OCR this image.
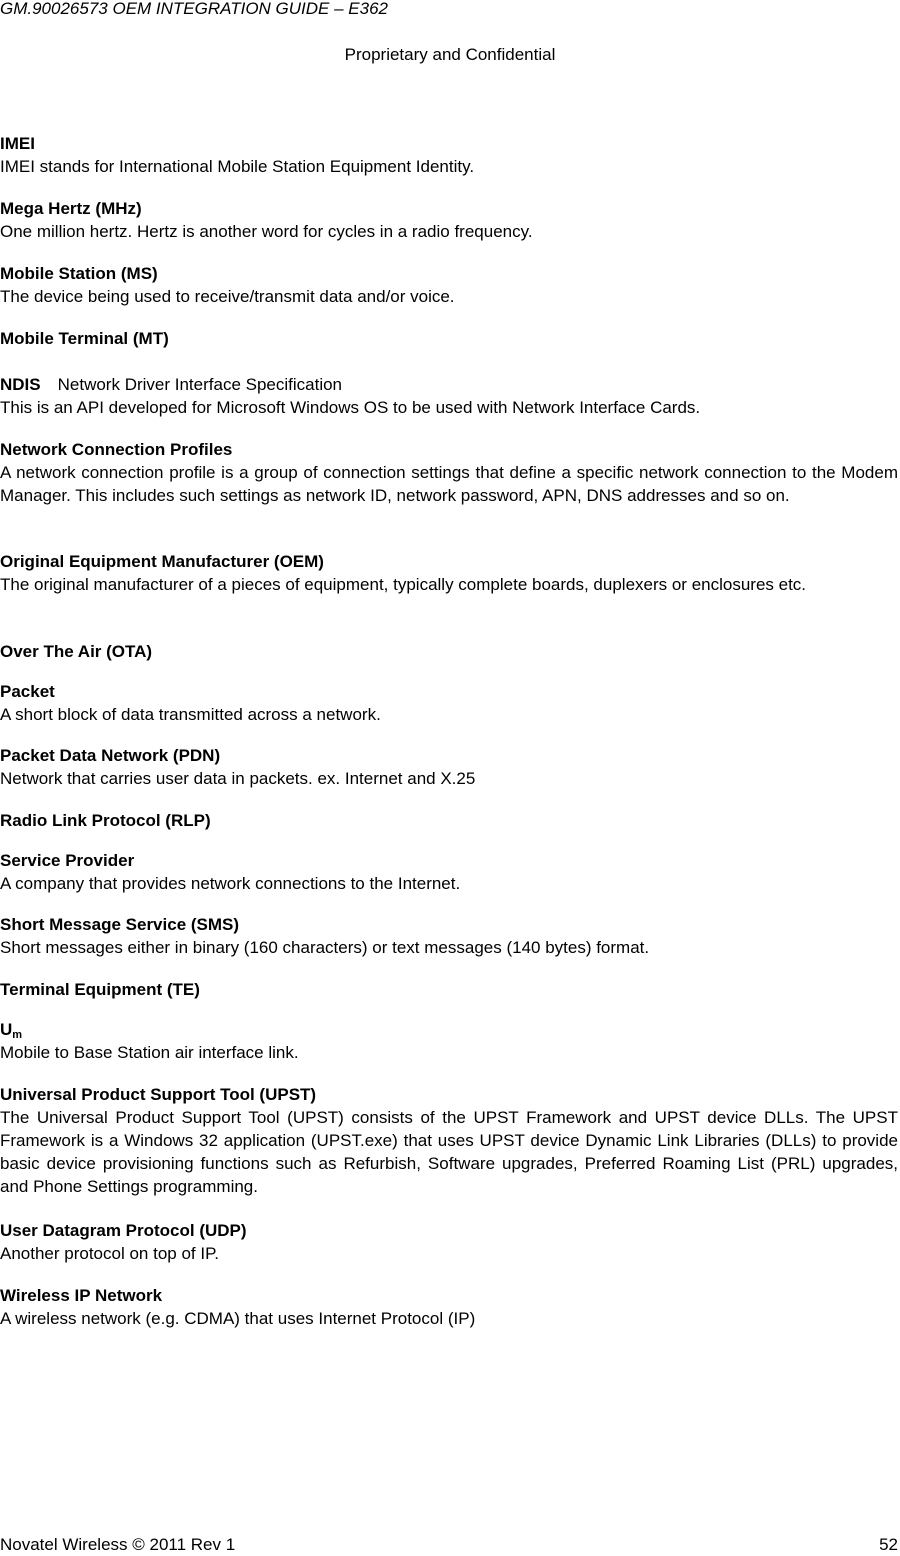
GM.90026573 OEM INTEGRATION GUIDE – E362
Proprietary and Confidential
IMEI
IMEI stands for International Mobile Station Equipment Identity.
Mega Hertz (MHz)
One million hertz. Hertz is another word for cycles in a radio frequency.
Mobile Station (MS)
The device being used to receive/transmit data and/or voice.
Mobile Terminal (MT)
NDIS Network Driver Interface Specification
This is an API developed for Microsoft Windows OS to be used with Network Interface Cards.
Network Connection Profiles
A network connection profile is a group of connection settings that define a specific network connection to the Modem Manager. This includes such settings as network ID, network password, APN, DNS addresses and so on.
Original Equipment Manufacturer (OEM)
The original manufacturer of a pieces of equipment, typically complete boards, duplexers or enclosures etc.
Over The Air (OTA)
Packet
A short block of data transmitted across a network.
Packet Data Network (PDN)
Network that carries user data in packets. ex. Internet and X.25
Radio Link Protocol (RLP)
Service Provider
A company that provides network connections to the Internet.
Short Message Service (SMS)
Short messages either in binary (160 characters) or text messages (140 bytes) format.
Terminal Equipment (TE)
$U_m$
Mobile to Base Station air interface link.
Universal Product Support Tool (UPST)
The Universal Product Support Tool (UPST) consists of the UPST Framework and UPST device DLLs. The UPST Framework is a Windows 32 application (UPST.exe) that uses UPST device Dynamic Link Libraries (DLLs) to provide basic device provisioning functions such as Refurbish, Software upgrades, Preferred Roaming List (PRL) upgrades, and Phone Settings programming.
User Datagram Protocol (UDP)
Another protocol on top of IP.
Wireless IP Network
A wireless network (e.g. CDMA) that uses Internet Protocol (IP)
Novatel Wireless © 2011 Rev 1	52
